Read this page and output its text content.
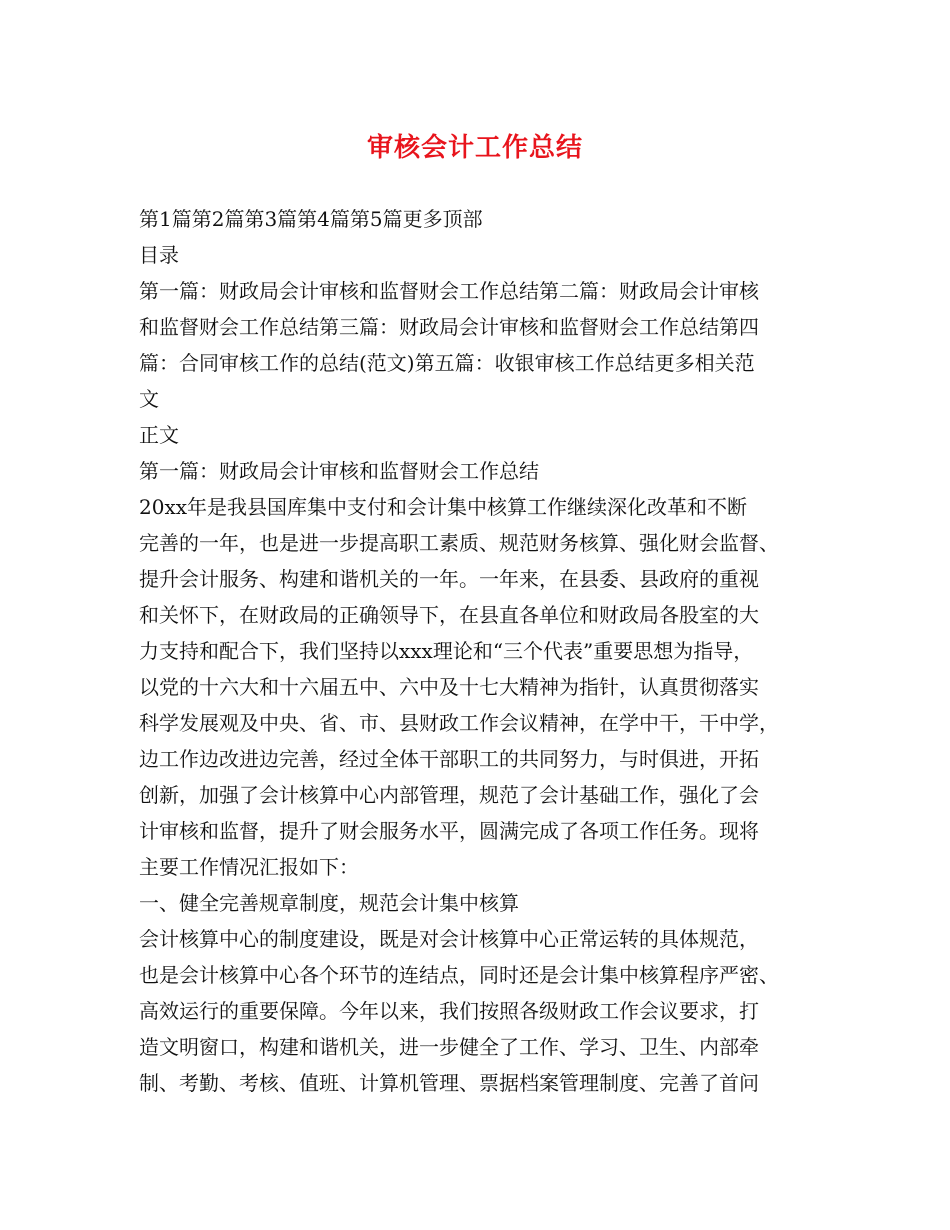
审核会计工作总结
第1篇第2篇第3篇第4篇第5篇更多顶部
目录
第一篇：财政局会计审核和监督财会工作总结第二篇：财政局会计审核
和监督财会工作总结第三篇：财政局会计审核和监督财会工作总结第四
篇：合同审核工作的总结(范文)第五篇：收银审核工作总结更多相关范
文
正文
第一篇：财政局会计审核和监督财会工作总结
20xx年是我县国库集中支付和会计集中核算工作继续深化改革和不断
完善的一年，也是进一步提高职工素质、规范财务核算、强化财会监督、
提升会计服务、构建和谐机关的一年。一年来，在县委、县政府的重视
和关怀下，在财政局的正确领导下，在县直各单位和财政局各股室的大
力支持和配合下，我们坚持以xxx理论和“三个代表”重要思想为指导，
以党的十六大和十六届五中、六中及十七大精神为指针，认真贯彻落实
科学发展观及中央、省、市、县财政工作会议精神，在学中干，干中学，
边工作边改进边完善，经过全体干部职工的共同努力，与时俱进，开拓
创新，加强了会计核算中心内部管理，规范了会计基础工作，强化了会
计审核和监督，提升了财会服务水平，圆满完成了各项工作任务。现将
主要工作情况汇报如下：
一、健全完善规章制度，规范会计集中核算
会计核算中心的制度建设，既是对会计核算中心正常运转的具体规范，
也是会计核算中心各个环节的连结点，同时还是会计集中核算程序严密、
高效运行的重要保障。今年以来，我们按照各级财政工作会议要求，打
造文明窗口，构建和谐机关，进一步健全了工作、学习、卫生、内部牵
制、考勤、考核、值班、计算机管理、票据档案管理制度、完善了首问
